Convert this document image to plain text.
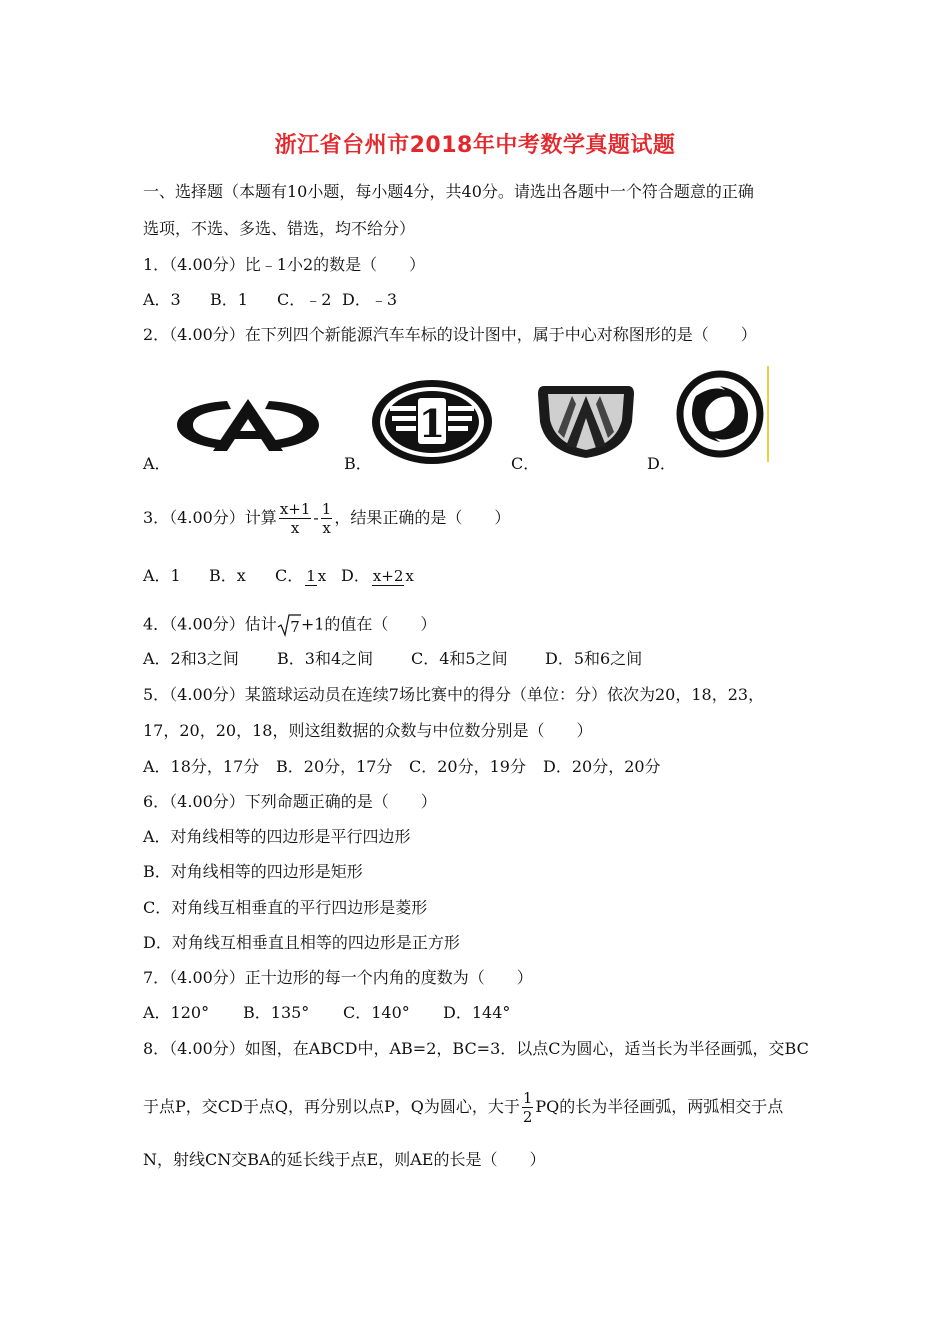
浙江省台州市2018年中考数学真题试题
一、选择题（本题有10小题，每小题4分，共40分。请选出各题中一个符合题意的正确
选项，不选、多选、错选，均不给分）
1．（4.00分）比﹣1小2的数是（　　）
A．3 B．1 C．﹣2 D．﹣3
2．（4.00分）在下列四个新能源汽车车标的设计图中，属于中心对称图形的是（　　）
A．
1
B．	C．	D．
3．（4.00分）计算 $\frac{x+1}{x} - \frac{1}{x}$ ，结果正确的是（　　）
A．1 B．x C． 1 x D． x+2 x
4．（4.00分）估计 7 +1的值在（　　）
A．2和3之间 B．3和4之间 C．4和5之间 D．5和6之间
5．（4.00分）某篮球运动员在连续7场比赛中的得分（单位：分）依次为20，18，23，
17，20，20，18，则这组数据的众数与中位数分别是（　　）
A．18分，17分 B．20分，17分 C．20分，19分 D．20分，20分
6．（4.00分）下列命题正确的是（　　）
A．对角线相等的四边形是平行四边形
B．对角线相等的四边形是矩形
C．对角线互相垂直的平行四边形是菱形
D．对角线互相垂直且相等的四边形是正方形
7．（4.00分）正十边形的每一个内角的度数为（　　）
A．120° B．135° C．140° D．144°
8．（4.00分）如图，在ABCD中，AB=2，BC=3．以点C为圆心，适当长为半径画弧，交BC
于点P，交CD于点Q，再分别以点P，Q为圆心，大于 $\frac{1}{2}$ PQ的长为半径画弧，两弧相交于点
N，射线CN交BA的延长线于点E，则AE的长是（　　）
